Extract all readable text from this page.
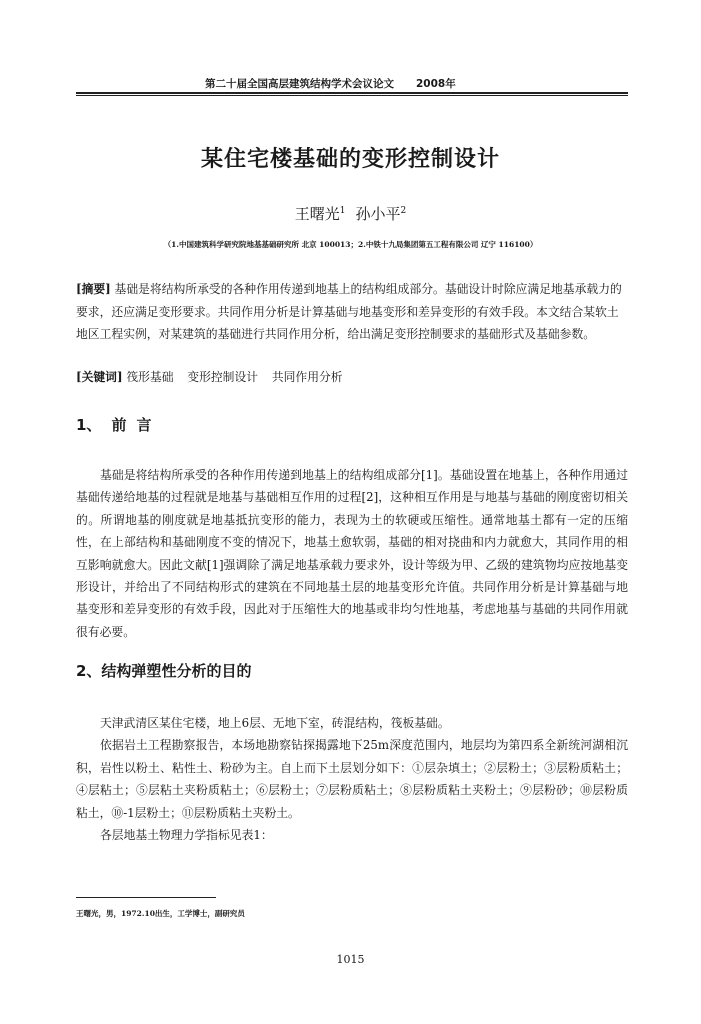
第二十届全国高层建筑结构学术会议论文 2008年
某住宅楼基础的变形控制设计
王曙光$^1$ 孙小平$^2$
（1.中国建筑科学研究院地基基础研究所 北京 100013；2.中铁十九局集团第五工程有限公司 辽宁 116100）

[摘要] 基础是将结构所承受的各种作用传递到地基上的结构组成部分。基础设计时除应满足地基承载力的要求，还应满足变形要求。共同作用分析是计算基础与地基变形和差异变形的有效手段。本文结合某软土地区工程实例，对某建筑的基础进行共同作用分析，给出满足变形控制要求的基础形式及基础参数。

[关键词] 筏形基础 变形控制设计 共同作用分析
1、 前言

基础是将结构所承受的各种作用传递到地基上的结构组成部分[1]。基础设置在地基上，各种作用通过基础传递给地基的过程就是地基与基础相互作用的过程[2]，这种相互作用是与地基与基础的刚度密切相关的。所谓地基的刚度就是地基抵抗变形的能力，表现为土的软硬或压缩性。通常地基土都有一定的压缩性，在上部结构和基础刚度不变的情况下，地基土愈软弱，基础的相对挠曲和内力就愈大，其同作用的相互影响就愈大。因此文献[1]强调除了满足地基承载力要求外，设计等级为甲、乙级的建筑物均应按地基变形设计，并给出了不同结构形式的建筑在不同地基土层的地基变形允许值。共同作用分析是计算基础与地基变形和差异变形的有效手段，因此对于压缩性大的地基或非均匀性地基，考虑地基与基础的共同作用就很有必要。

2、结构弹塑性分析的目的

天津武清区某住宅楼，地上6层、无地下室，砖混结构，筏板基础。

依据岩土工程勘察报告，本场地勘察钻探揭露地下25m深度范围内，地层均为第四系全新统河湖相沉积，岩性以粉土、粘性土、粉砂为主。自上而下土层划分如下：①层杂填土；②层粉土；③层粉质粘土；④层粘土；⑤层粘土夹粉质粘土；⑥层粉土；⑦层粉质粘土；⑧层粉质粘土夹粉土；⑨层粉砂；⑩层粉质粘土，⑩-1层粉土；⑪层粉质粘土夹粉土。

各层地基土物理力学指标见表1：

王曙光，男，1972.10出生，工学博士，副研究员
1015
